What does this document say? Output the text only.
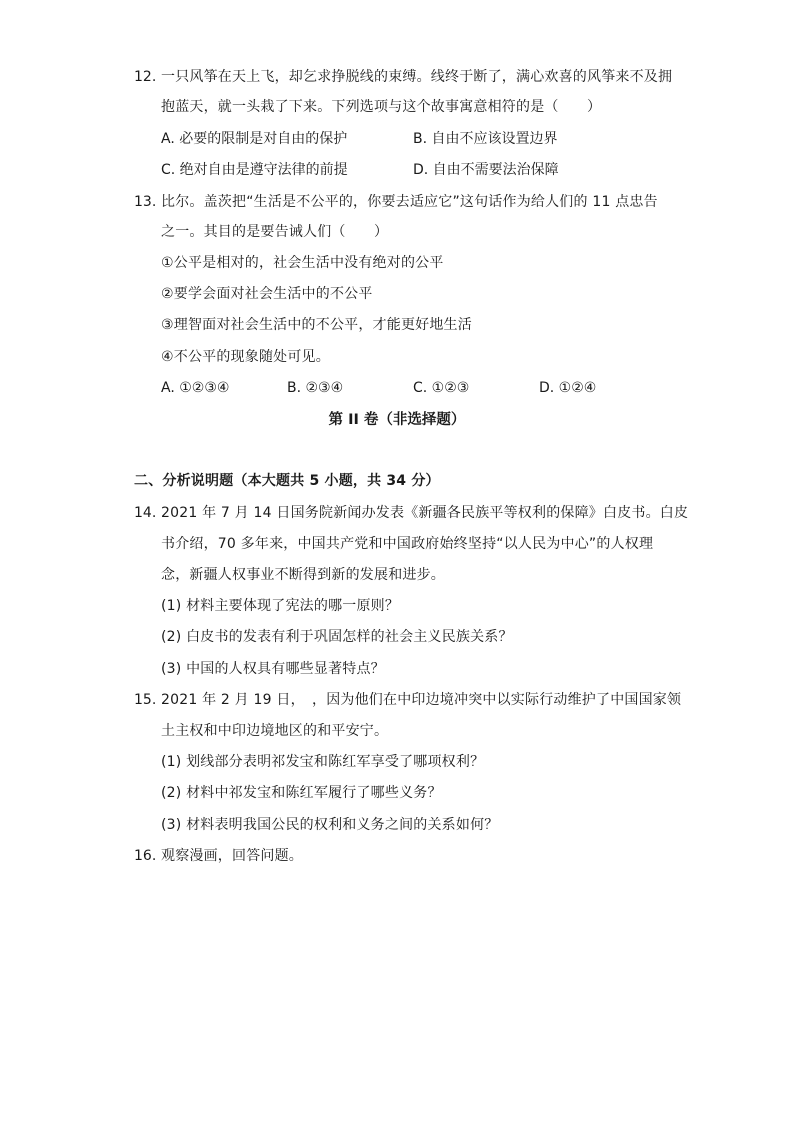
12. 一只风筝在天上飞，却乞求挣脱线的束缚。线终于断了，满心欢喜的风筝来不及拥
抱蓝天，就一头栽了下来。下列选项与这个故事寓意相符的是（　　）
A. 必要的限制是对自由的保护	B. 自由不应该设置边界
C. 绝对自由是遵守法律的前提	D. 自由不需要法治保障
13. 比尔。盖茨把“生活是不公平的，你要去适应它”这句话作为给人们的 11 点忠告
之一。其目的是要告诫人们（　　）
①公平是相对的，社会生活中没有绝对的公平
②要学会面对社会生活中的不公平
③理智面对社会生活中的不公平，才能更好地生活
④不公平的现象随处可见。
A. ①②③④	B. ②③④	C. ①②③	D. ①②④
第 II 卷（非选择题）
二、分析说明题（本大题共 5 小题，共 34 分）
14. 2021 年 7 月 14 日国务院新闻办发表《新疆各民族平等权利的保障》白皮书。白皮
书介绍，70 多年来，中国共产党和中国政府始终坚持“以人民为中心”的人权理
念，新疆人权事业不断得到新的发展和进步。
(1) 材料主要体现了宪法的哪一原则？
(2) 白皮书的发表有利于巩固怎样的社会主义民族关系？
(3) 中国的人权具有哪些显著特点？
15. 2021 年 2 月 19 日，　，因为他们在中印边境冲突中以实际行动维护了中国国家领
土主权和中印边境地区的和平安宁。
(1) 划线部分表明祁发宝和陈红军享受了哪项权利？
(2) 材料中祁发宝和陈红军履行了哪些义务？
(3) 材料表明我国公民的权利和义务之间的关系如何？
16. 观察漫画，回答问题。
